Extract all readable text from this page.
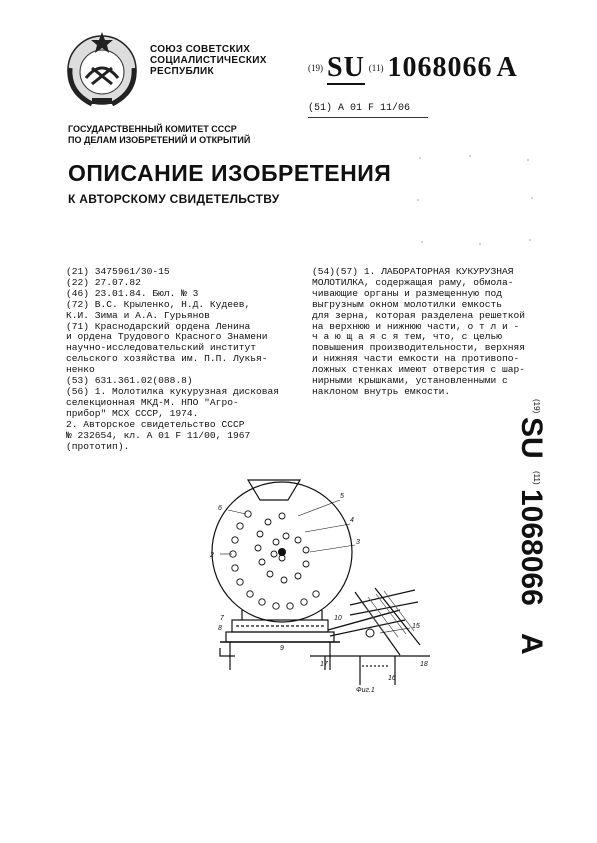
СОЮЗ СОВЕТСКИХ
СОЦИАЛИСТИЧЕСКИХ
РЕСПУБЛИК	(19) SU (11) 1068066 A
(51) А 01 F 11/06
ГОСУДАРСТВЕННЫЙ КОМИТЕТ СССР
ПО ДЕЛАМ ИЗОБРЕТЕНИЙ И ОТКРЫТИЙ
ОПИСАНИЕ ИЗОБРЕТЕНИЯ
К АВТОРСКОМУ СВИДЕТЕЛЬСТВУ
(21) 3475961/30-15
(22) 27.07.82
(46) 23.01.84. Бюл. № 3
(72) В.С. Крыленко, Н.Д. Кудеев,
К.И. Зима и А.А. Гурьянов
(71) Краснодарский ордена Ленина
и ордена Трудового Красного Знамени
научно-исследовательский институт
сельского хозяйства им. П.П. Лукья-
ненко
(53) 631.361.02(088.8)
(56) 1. Молотилка кукурузная дисковая
селекционная МКД-М. НПО "Агро-
прибор" МСХ СССР, 1974.
2. Авторское свидетельство СССР
№ 232654, кл. А 01 F 11/00, 1967
(прототип).
(54)(57) 1. ЛАБОРАТОРНАЯ КУКУРУЗНАЯ
МОЛОТИЛКА, содержащая раму, обмола-
чивающие органы и размещенную под
выгрузным окном молотилки емкость
для зерна, которая разделена решеткой
на верхнюю и нижнюю части, о т л и -
ч а ю щ а я с я тем, что, с целью
повышения производительности, верхняя
и нижняя части емкости на противопо-
ложных стенках имеют отверстия с шар-
нирными крышками, установленными с
наклоном внутрь емкости.
(19)
SU
(11)
1068066
A
6
2
5
4
3
7
8
9
10
15
16
17	18
Фиг.1
